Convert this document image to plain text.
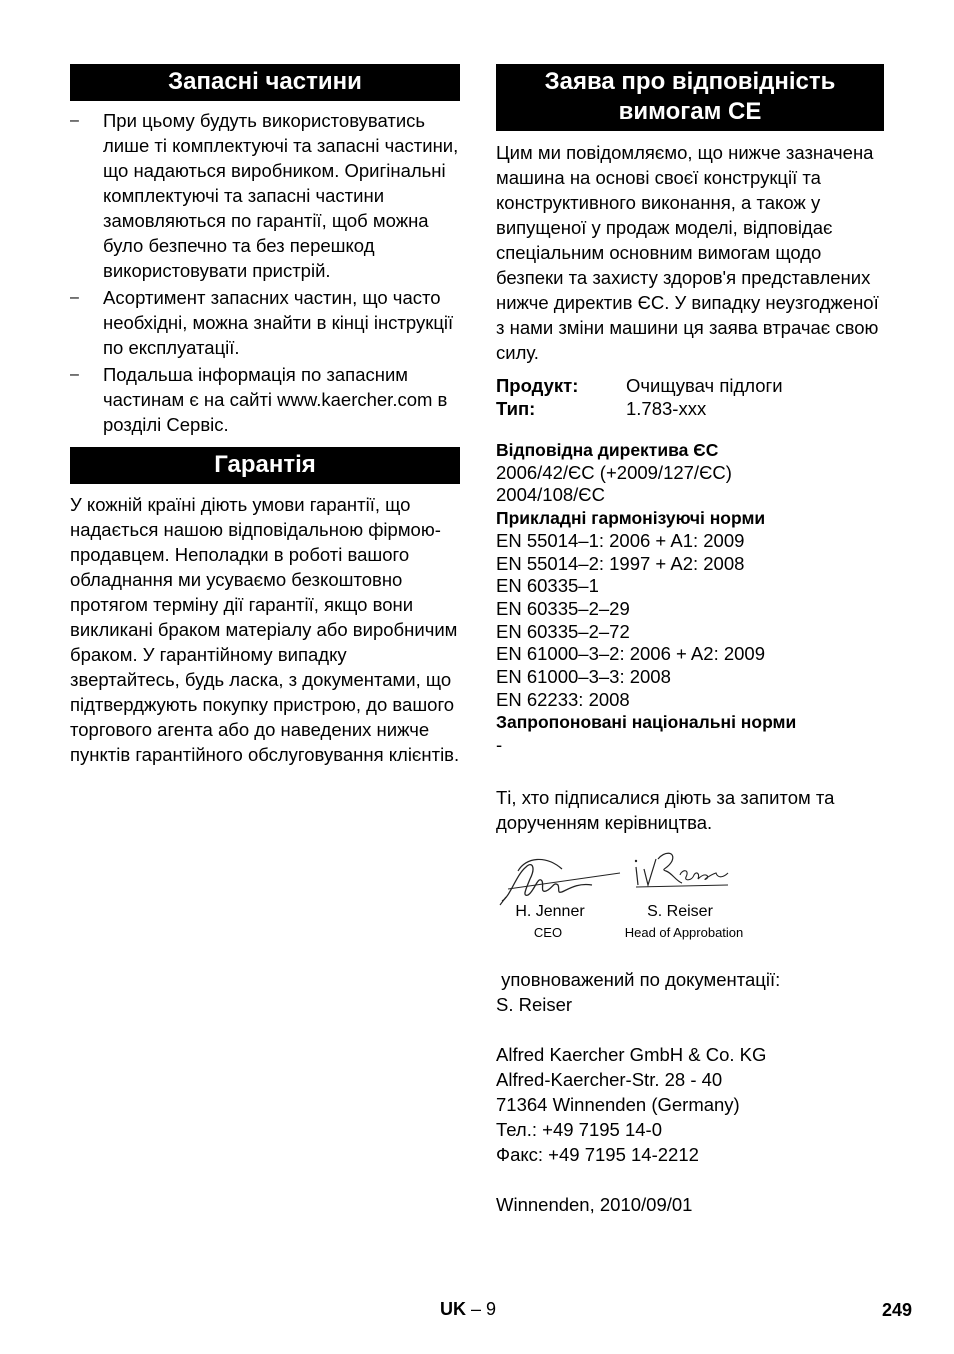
Запасні частини
– При цьому будуть використовуватись лише ті комплектуючі та запасні частини, що надаються виробником. Оригінальні комплектуючі та запасні частини замовляються по гарантії, щоб можна було безпечно та без перешкод використовувати пристрій.
– Асортимент запасних частин, що часто необхідні, можна знайти в кінці інструкції по експлуатації.
– Подальша інформація по запасним частинам є на сайті www.kaercher.com в розділі Сервіс.
Гарантія
У кожній країні діють умови гарантії, що надається нашою відповідальною фірмою-продавцем. Неполадки в роботі вашого обладнання ми усуваємо безкоштовно протягом терміну дії гарантії, якщо вони викликані браком матеріалу або виробничим браком. У гарантійному випадку звертайтесь, будь ласка, з документами, що підтверджують покупку пристрою, до вашого торгового агента або до наведених нижче пунктів гарантійного обслуговування клієнтів.
Заява про відповідність
вимогам CE
Цим ми повідомляємо, що нижче зазначена машина на основі своєї конструкції та конструктивного виконання, а також у випущеної у продаж моделі, відповідає спеціальним основним вимогам щодо безпеки та захисту здоров'я представлених нижче директив ЄС. У випадку неузгодженої з нами зміни машини ця заява втрачає свою силу.
Продукт:	Очищувач підлоги
Тип:	1.783-xxx
Відповідна директива ЄС
2006/42/ЄС (+2009/127/ЄС)
2004/108/ЄС
Прикладні гармонізуючі норми
EN 55014–1: 2006 + A1: 2009
EN 55014–2: 1997 + A2: 2008
EN 60335–1
EN 60335–2–29
EN 60335–2–72
EN 61000–3–2: 2006 + A2: 2009
EN 61000–3–3: 2008
EN 62233: 2008
Запропоновані національні норми
-
Ті, хто підписалися діють за запитом та дорученням керівництва.
H. Jenner	S. Reiser
CEO	Head of Approbation
уповноважений по документації:
S. Reiser
Alfred Kaercher GmbH & Co. KG
Alfred-Kaercher-Str. 28 - 40
71364 Winnenden (Germany)
Тел.: +49 7195 14-0
Факс: +49 7195 14-2212
Winnenden, 2010/09/01
UK – 9	249
